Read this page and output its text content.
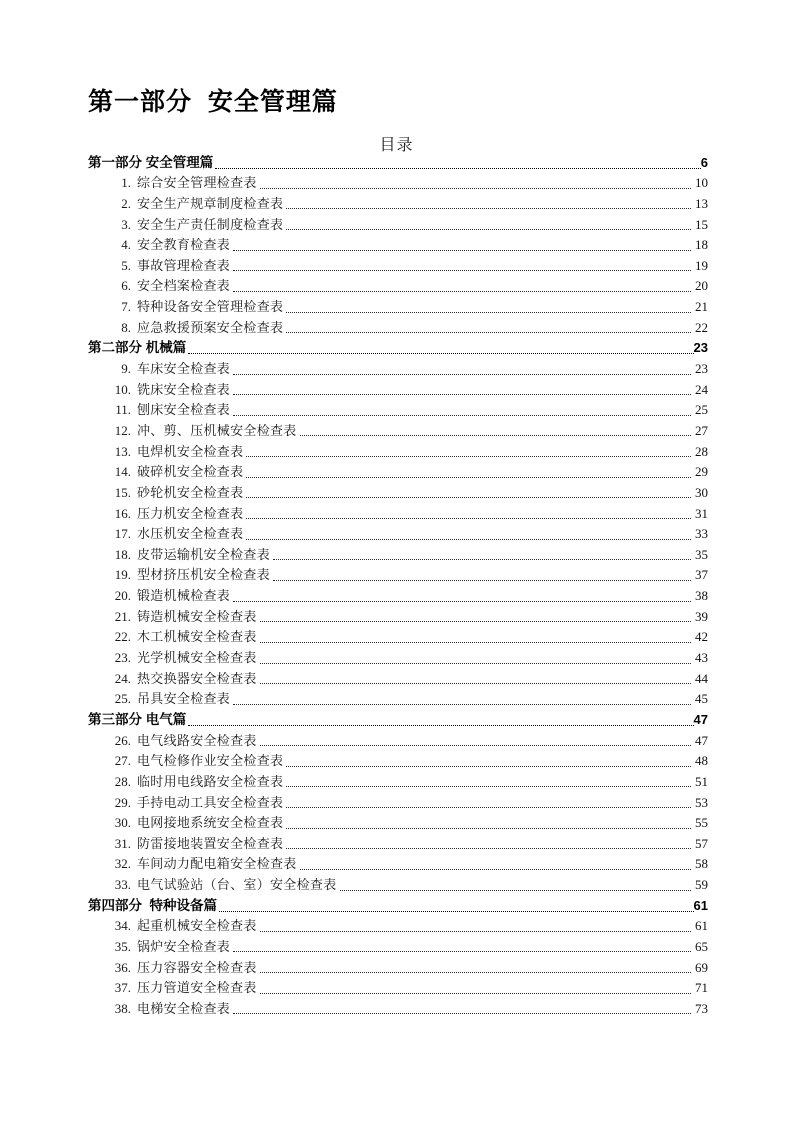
第一部分  安全管理篇
目录
第一部分 安全管理篇	6
1. 综合安全管理检查表	10
2. 安全生产规章制度检查表	13
3. 安全生产责任制度检查表	15
4. 安全教育检查表	18
5. 事故管理检查表	19
6. 安全档案检查表	20
7. 特种设备安全管理检查表	21
8. 应急救援预案安全检查表	22
第二部分 机械篇	23
9. 车床安全检查表	23
10. 铣床安全检查表	24
11. 刨床安全检查表	25
12. 冲、剪、压机械安全检查表	27
13. 电焊机安全检查表	28
14. 破碎机安全检查表	29
15. 砂轮机安全检查表	30
16. 压力机安全检查表	31
17. 水压机安全检查表	33
18. 皮带运输机安全检查表	35
19. 型材挤压机安全检查表	37
20. 锻造机械检查表	38
21. 铸造机械安全检查表	39
22. 木工机械安全检查表	42
23. 光学机械安全检查表	43
24. 热交换器安全检查表	44
25. 吊具安全检查表	45
第三部分 电气篇	47
26. 电气线路安全检查表	47
27. 电气检修作业安全检查表	48
28. 临时用电线路安全检查表	51
29. 手持电动工具安全检查表	53
30. 电网接地系统安全检查表	55
31. 防雷接地装置安全检查表	57
32. 车间动力配电箱安全检查表	58
33. 电气试验站（台、室）安全检查表	59
第四部分  特种设备篇	61
34. 起重机械安全检查表	61
35. 锅炉安全检查表	65
36. 压力容器安全检查表	69
37. 压力管道安全检查表	71
38. 电梯安全检查表	73
